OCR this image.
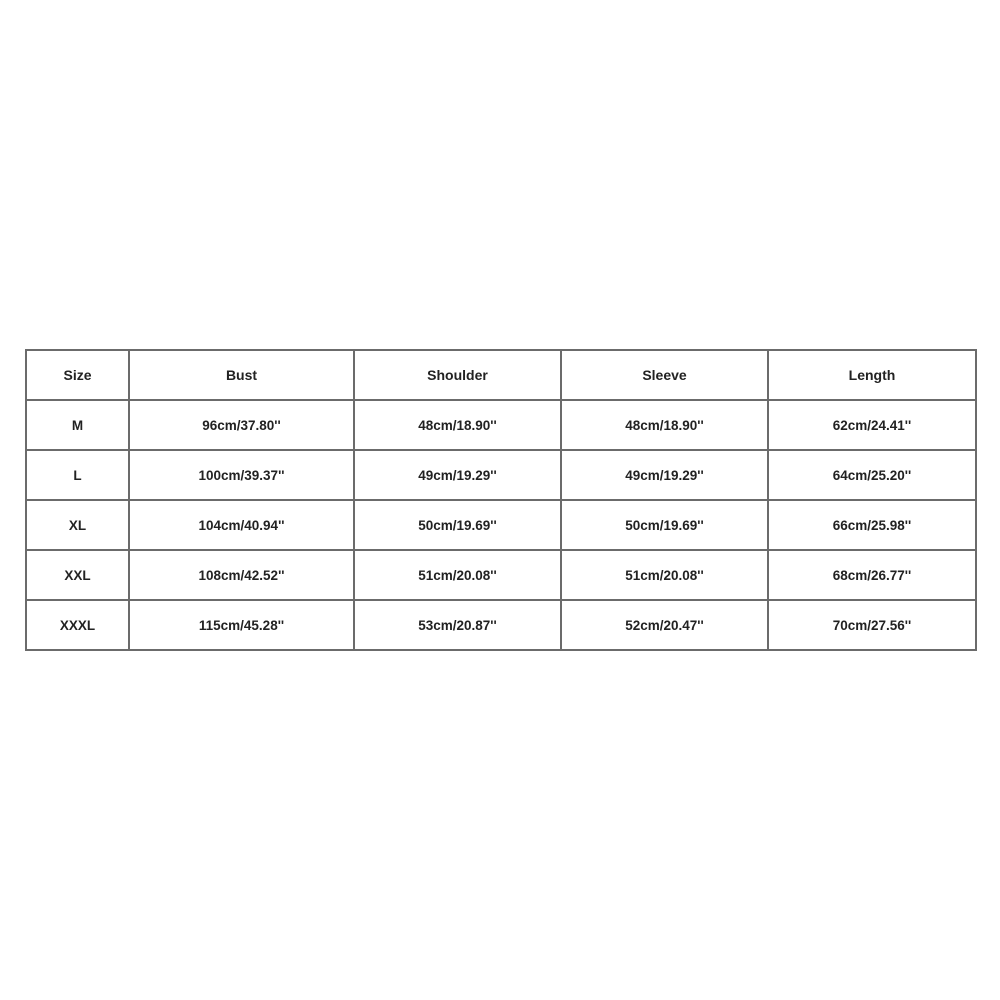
Size	Bust	Shoulder	Sleeve	Length
M	96cm/37.80''	48cm/18.90''	48cm/18.90''	62cm/24.41''
L	100cm/39.37''	49cm/19.29''	49cm/19.29''	64cm/25.20''
XL	104cm/40.94''	50cm/19.69''	50cm/19.69''	66cm/25.98''
XXL	108cm/42.52''	51cm/20.08''	51cm/20.08''	68cm/26.77''
XXXL	115cm/45.28''	53cm/20.87''	52cm/20.47''	70cm/27.56''
